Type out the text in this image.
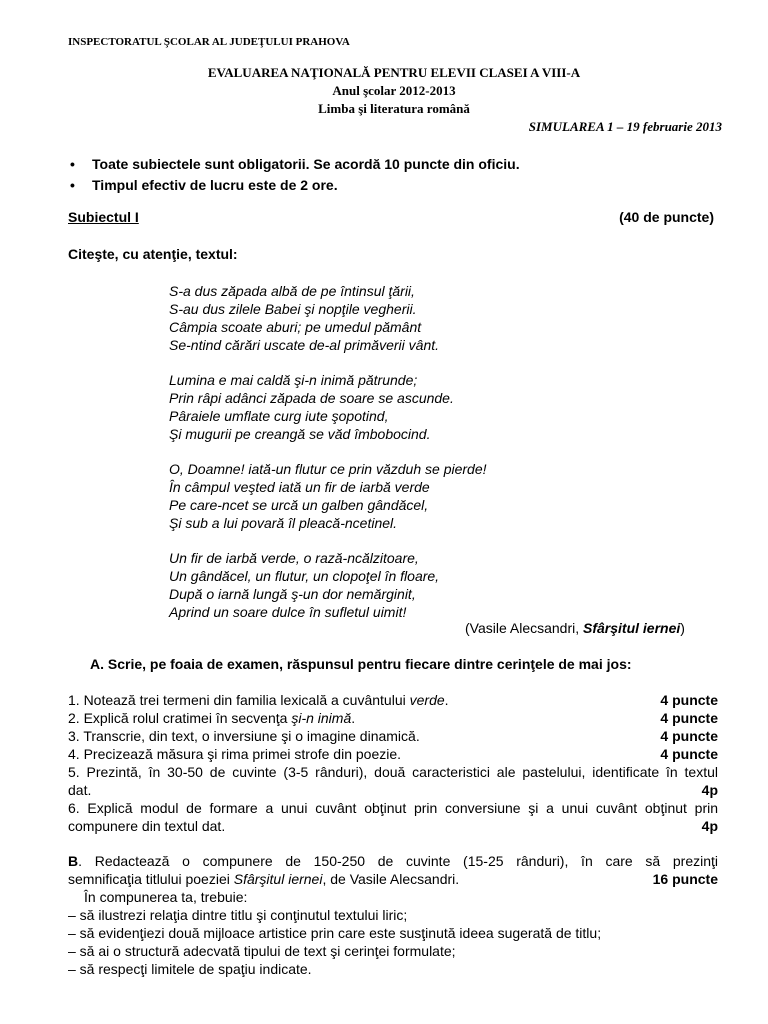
INSPECTORATUL ŞCOLAR AL JUDEŢULUI PRAHOVA
EVALUAREA NAŢIONALĂ PENTRU ELEVII CLASEI A VIII-A
Anul şcolar 2012-2013
Limba şi literatura română
SIMULAREA 1 – 19 februarie 2013
• Toate subiectele sunt obligatorii. Se acordă 10 puncte din oficiu.
• Timpul efectiv de lucru este de 2 ore.
Subiectul I	(40 de puncte)
Citeşte, cu atenţie, textul:
S-a dus zăpada albă de pe întinsul ţării,
S-au dus zilele Babei şi nopţile vegherii.
Câmpia scoate aburi; pe umedul pământ
Se-ntind cărări uscate de-al primăverii vânt.
Lumina e mai caldă şi-n inimă pătrunde;
Prin râpi adânci zăpada de soare se ascunde.
Pâraiele umflate curg iute şopotind,
Şi mugurii pe creangă se văd îmbobocind.
O, Doamne! iată-un flutur ce prin văzduh se pierde!
În câmpul veşted iată un fir de iarbă verde
Pe care-ncet se urcă un galben gândăcel,
Şi sub a lui povară îl pleacă-ncetinel.
Un fir de iarbă verde, o rază-ncălzitoare,
Un gândăcel, un flutur, un clopoţel în floare,
După o iarnă lungă ş-un dor nemărginit,
Aprind un soare dulce în sufletul uimit!
(Vasile Alecsandri, Sfârşitul iernei)
A. Scrie, pe foaia de examen, răspunsul pentru fiecare dintre cerinţele de mai jos:
1. Notează trei termeni din familia lexicală a cuvântului verde.	4 puncte
2. Explică rolul cratimei în secvenţa şi-n inimă.	4 puncte
3. Transcrie, din text, o inversiune şi o imagine dinamică.	4 puncte
4. Precizează măsura şi rima primei strofe din poezie.	4 puncte
5. Prezintă, în 30-50 de cuvinte (3-5 rânduri), două caracteristici ale pastelului, identificate în textul
dat.	4p
6. Explică modul de formare a unui cuvânt obţinut prin conversiune şi a unui cuvânt obţinut prin
compunere din textul dat.	4p
B. Redactează o compunere de 150-250 de cuvinte (15-25 rânduri), în care să prezinţi
semnificaţia titlului poeziei Sfârşitul iernei, de Vasile Alecsandri.	16 puncte
În compunerea ta, trebuie:
– să ilustrezi relaţia dintre titlu şi conţinutul textului liric;
– să evidenţiezi două mijloace artistice prin care este susţinută ideea sugerată de titlu;
– să ai o structură adecvată tipului de text şi cerinţei formulate;
– să respecţi limitele de spaţiu indicate.
